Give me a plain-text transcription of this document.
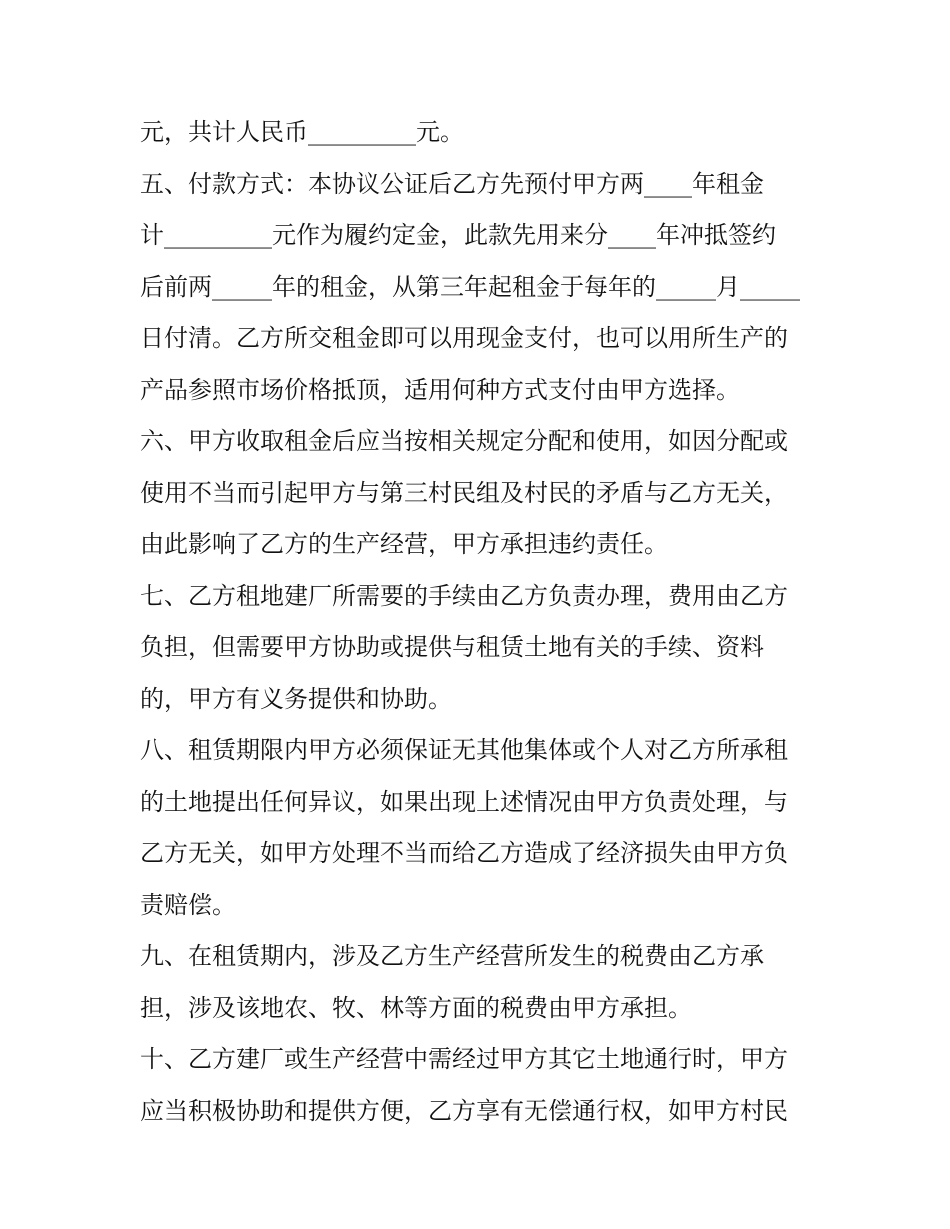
元，共计人民币_________元。
五、付款方式：本协议公证后乙方先预付甲方两____年租金
计_________元作为履约定金，此款先用来分____年冲抵签约
后前两_____年的租金，从第三年起租金于每年的_____月_____
日付清。乙方所交租金即可以用现金支付，也可以用所生产的
产品参照市场价格抵顶，适用何种方式支付由甲方选择。
六、甲方收取租金后应当按相关规定分配和使用，如因分配或
使用不当而引起甲方与第三村民组及村民的矛盾与乙方无关，
由此影响了乙方的生产经营，甲方承担违约责任。
七、乙方租地建厂所需要的手续由乙方负责办理，费用由乙方
负担，但需要甲方协助或提供与租赁土地有关的手续、资料
的，甲方有义务提供和协助。
八、租赁期限内甲方必须保证无其他集体或个人对乙方所承租
的土地提出任何异议，如果出现上述情况由甲方负责处理，与
乙方无关，如甲方处理不当而给乙方造成了经济损失由甲方负
责赔偿。
九、在租赁期内，涉及乙方生产经营所发生的税费由乙方承
担，涉及该地农、牧、林等方面的税费由甲方承担。
十、乙方建厂或生产经营中需经过甲方其它土地通行时，甲方
应当积极协助和提供方便，乙方享有无偿通行权，如甲方村民
